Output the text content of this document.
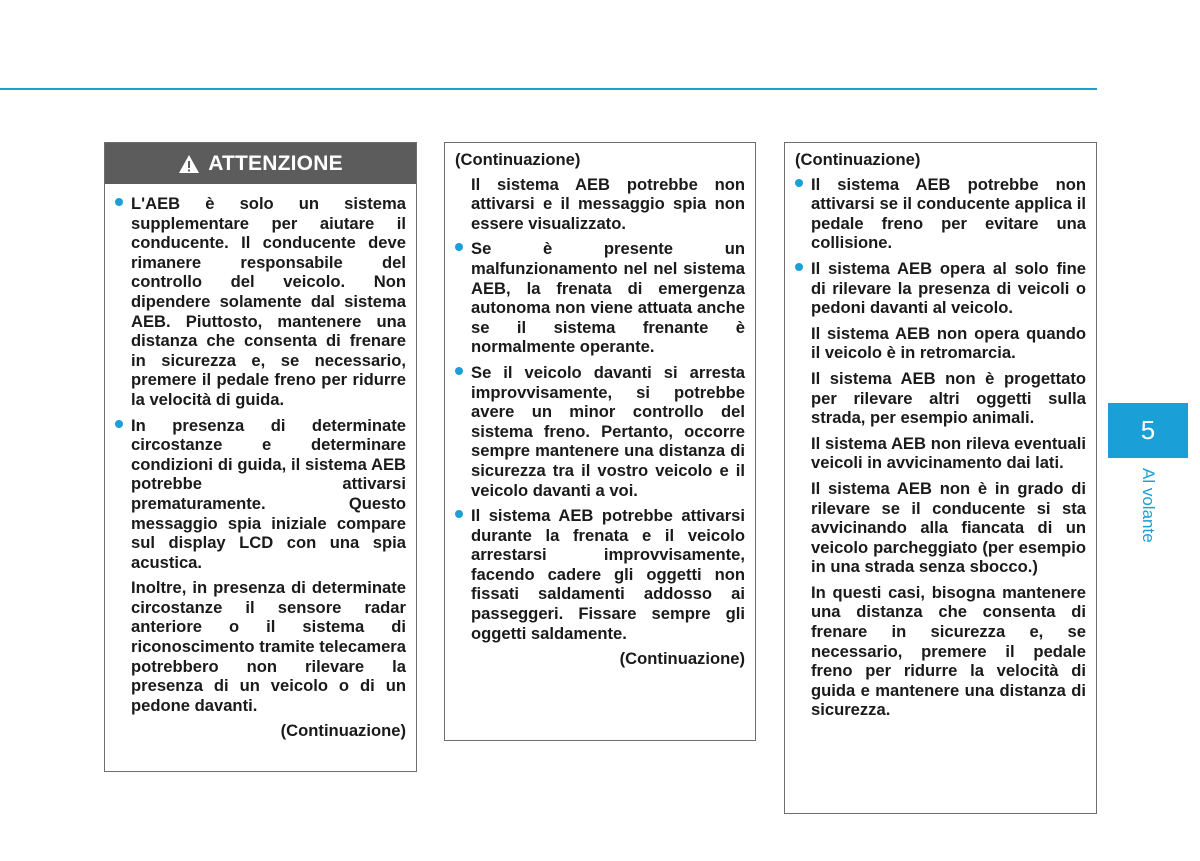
ATTENZIONE
L'AEB è solo un sistema supplementare per aiutare il conducente. Il conducente deve rimanere responsabile del controllo del veicolo. Non dipendere solamente dal sistema AEB. Piuttosto, mantenere una distanza che consenta di frenare in sicurezza e, se necessario, premere il pedale freno per ridurre la velocità di guida.
In presenza di determinate circostanze e determinare condizioni di guida, il sistema AEB potrebbe attivarsi prematuramente. Questo messaggio spia iniziale compare sul display LCD con una spia acustica.
Inoltre, in presenza di determinate circostanze il sensore radar anteriore o il sistema di riconoscimento tramite telecamera potrebbero non rilevare la presenza di un veicolo o di un pedone davanti.
(Continuazione)
(Continuazione)
Il sistema AEB potrebbe non attivarsi e il messaggio spia non essere visualizzato.
Se è presente un malfunzionamento nel nel sistema AEB, la frenata di emergenza autonoma non viene attuata anche se il sistema frenante è normalmente operante.
Se il veicolo davanti si arresta improvvisamente, si potrebbe avere un minor controllo del sistema freno. Pertanto, occorre sempre mantenere una distanza di sicurezza tra il vostro veicolo e il veicolo davanti a voi.
Il sistema AEB potrebbe attivarsi durante la frenata e il veicolo arrestarsi improvvisamente, facendo cadere gli oggetti non fissati saldamenti addosso ai passeggeri. Fissare sempre gli oggetti saldamente.
(Continuazione)
(Continuazione)
Il sistema AEB potrebbe non attivarsi se il conducente applica il pedale freno per evitare una collisione.
Il sistema AEB opera al solo fine di rilevare la presenza di veicoli o pedoni davanti al veicolo.
Il sistema AEB non opera quando il veicolo è in retromarcia.
Il sistema AEB non è progettato per rilevare altri oggetti sulla strada, per esempio animali.
Il sistema AEB non rileva eventuali veicoli in avvicinamento dai lati.
Il sistema AEB non è in grado di rilevare se il conducente si sta avvicinando alla fiancata di un veicolo parcheggiato (per esempio in una strada senza sbocco.)
In questi casi, bisogna mantenere una distanza che consenta di frenare in sicurezza e, se necessario, premere il pedale freno per ridurre la velocità di guida e mantenere una distanza di sicurezza.
5
Al volante
